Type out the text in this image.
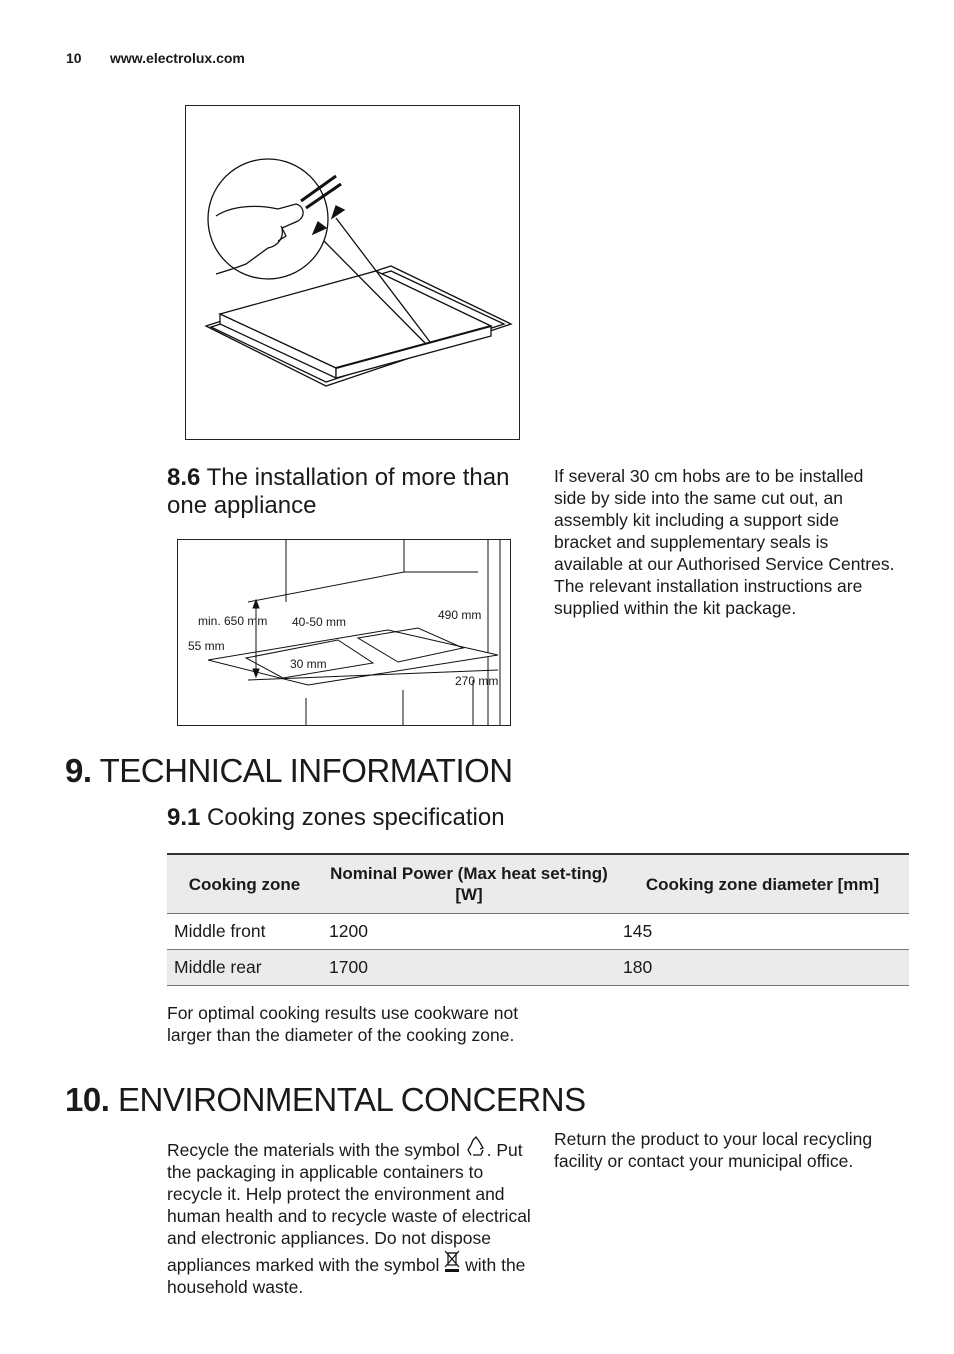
10 www.electrolux.com
8.6 The installation of more than one appliance
If several 30 cm hobs are to be installed side by side into the same cut out, an assembly kit including a support side bracket and supplementary seals is available at our Authorised Service Centres. The relevant installation instructions are supplied within the kit package.
min. 650 mm 40-50 mm	490 mm
55 mm
30 mm
270 mm
9. TECHNICAL INFORMATION
9.1 Cooking zones specification
Cooking zone	Nominal Power (Max heat set-ting) [W]	Cooking zone diameter [mm]
Middle front	1200	145
Middle rear	1700	180
For optimal cooking results use cookware not larger than the diameter of the cooking zone.
10. ENVIRONMENTAL CONCERNS
Recycle the materials with the symbol . Put the packaging in applicable containers to recycle it. Help protect the environment and human health and to recycle waste of electrical and electronic appliances. Do not dispose appliances marked with the symbol with the household waste.
Return the product to your local recycling facility or contact your municipal office.
